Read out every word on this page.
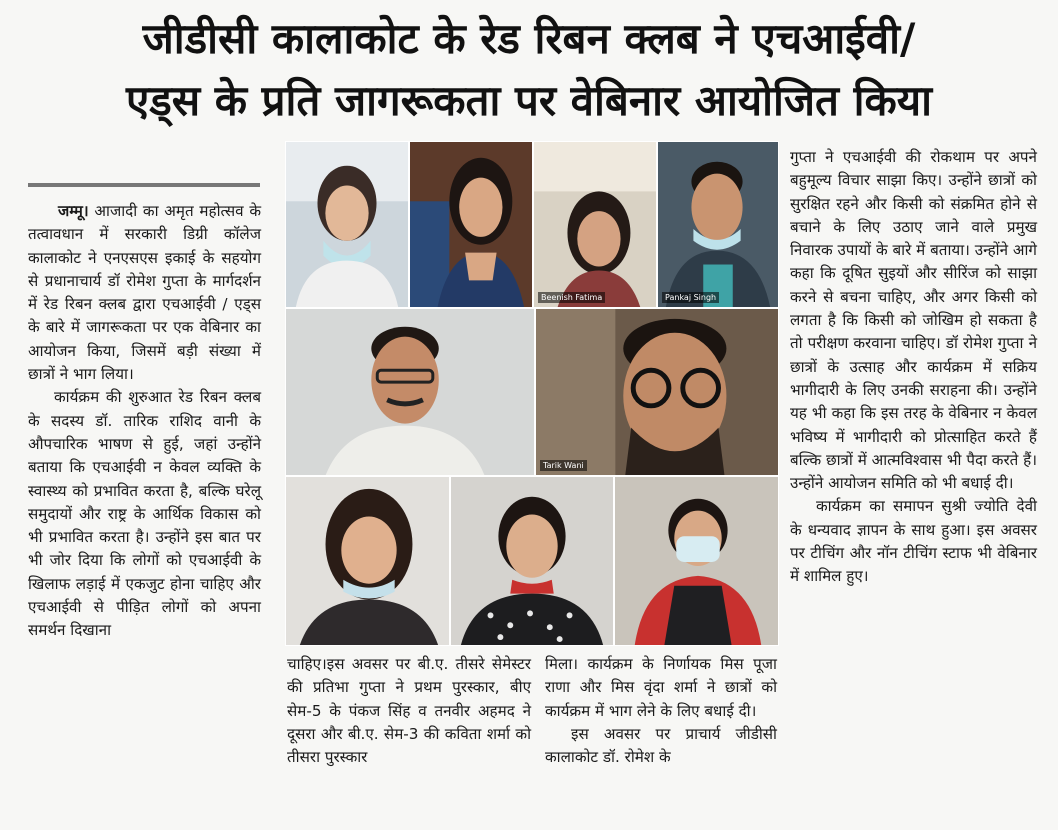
जीडीसी कालाकोट के रेड रिबन क्लब ने एचआईवी/
एड्स के प्रति जागरूकता पर वेबिनार आयोजित किया

जम्मू। आजादी का अमृत महोत्सव के तत्वावधान में सरकारी डिग्री कॉलेज कालाकोट ने एनएसएस इकाई के सहयोग से प्रधानाचार्य डॉ रोमेश गुप्ता के मार्गदर्शन में रेड रिबन क्लब द्वारा एचआईवी / एड्स के बारे में जागरूकता पर एक वेबिनार का आयोजन किया, जिसमें बड़ी संख्या में छात्रों ने भाग लिया।

कार्यक्रम की शुरुआत रेड रिबन क्लब के सदस्य डॉ. तारिक राशिद वानी के औपचारिक भाषण से हुई, जहां उन्होंने बताया कि एचआईवी न केवल व्यक्ति के स्वास्थ्य को प्रभावित करता है, बल्कि घरेलू समुदायों और राष्ट्र के आर्थिक विकास को भी प्रभावित करता है। उन्होंने इस बात पर भी जोर दिया कि लोगों को एचआईवी के खिलाफ लड़ाई में एकजुट होना चाहिए और एचआईवी से पीड़ित लोगों को अपना समर्थन दिखाना

Beenish Fatima	Pankaj Singh
Tarik Wani

चाहिए।इस अवसर पर बी.ए. तीसरे सेमेस्टर की प्रतिभा गुप्ता ने प्रथम पुरस्कार, बीए सेम-5 के पंकज सिंह व तनवीर अहमद ने दूसरा और बी.ए. सेम-3 की कविता शर्मा को तीसरा पुरस्कार

मिला। कार्यक्रम के निर्णायक मिस पूजा राणा और मिस वृंदा शर्मा ने छात्रों को कार्यक्रम में भाग लेने के लिए बधाई दी।

इस अवसर पर प्राचार्य जीडीसी कालाकोट डॉ. रोमेश के

गुप्ता ने एचआईवी की रोकथाम पर अपने बहुमूल्य विचार साझा किए। उन्होंने छात्रों को सुरक्षित रहने और किसी को संक्रमित होने से बचाने के लिए उठाए जाने वाले प्रमुख निवारक उपायों के बारे में बताया। उन्होंने आगे कहा कि दूषित सुइयों और सीरिंज को साझा करने से बचना चाहिए, और अगर किसी को लगता है कि किसी को जोखिम हो सकता है तो परीक्षण करवाना चाहिए। डॉ रोमेश गुप्ता ने छात्रों के उत्साह और कार्यक्रम में सक्रिय भागीदारी के लिए उनकी सराहना की। उन्होंने यह भी कहा कि इस तरह के वेबिनार न केवल भविष्य में भागीदारी को प्रोत्साहित करते हैं बल्कि छात्रों में आत्मविश्वास भी पैदा करते हैं। उन्होंने आयोजन समिति को भी बधाई दी।

कार्यक्रम का समापन सुश्री ज्योति देवी के धन्यवाद ज्ञापन के साथ हुआ। इस अवसर पर टीचिंग और नॉन टीचिंग स्टाफ भी वेबिनार में शामिल हुए।
